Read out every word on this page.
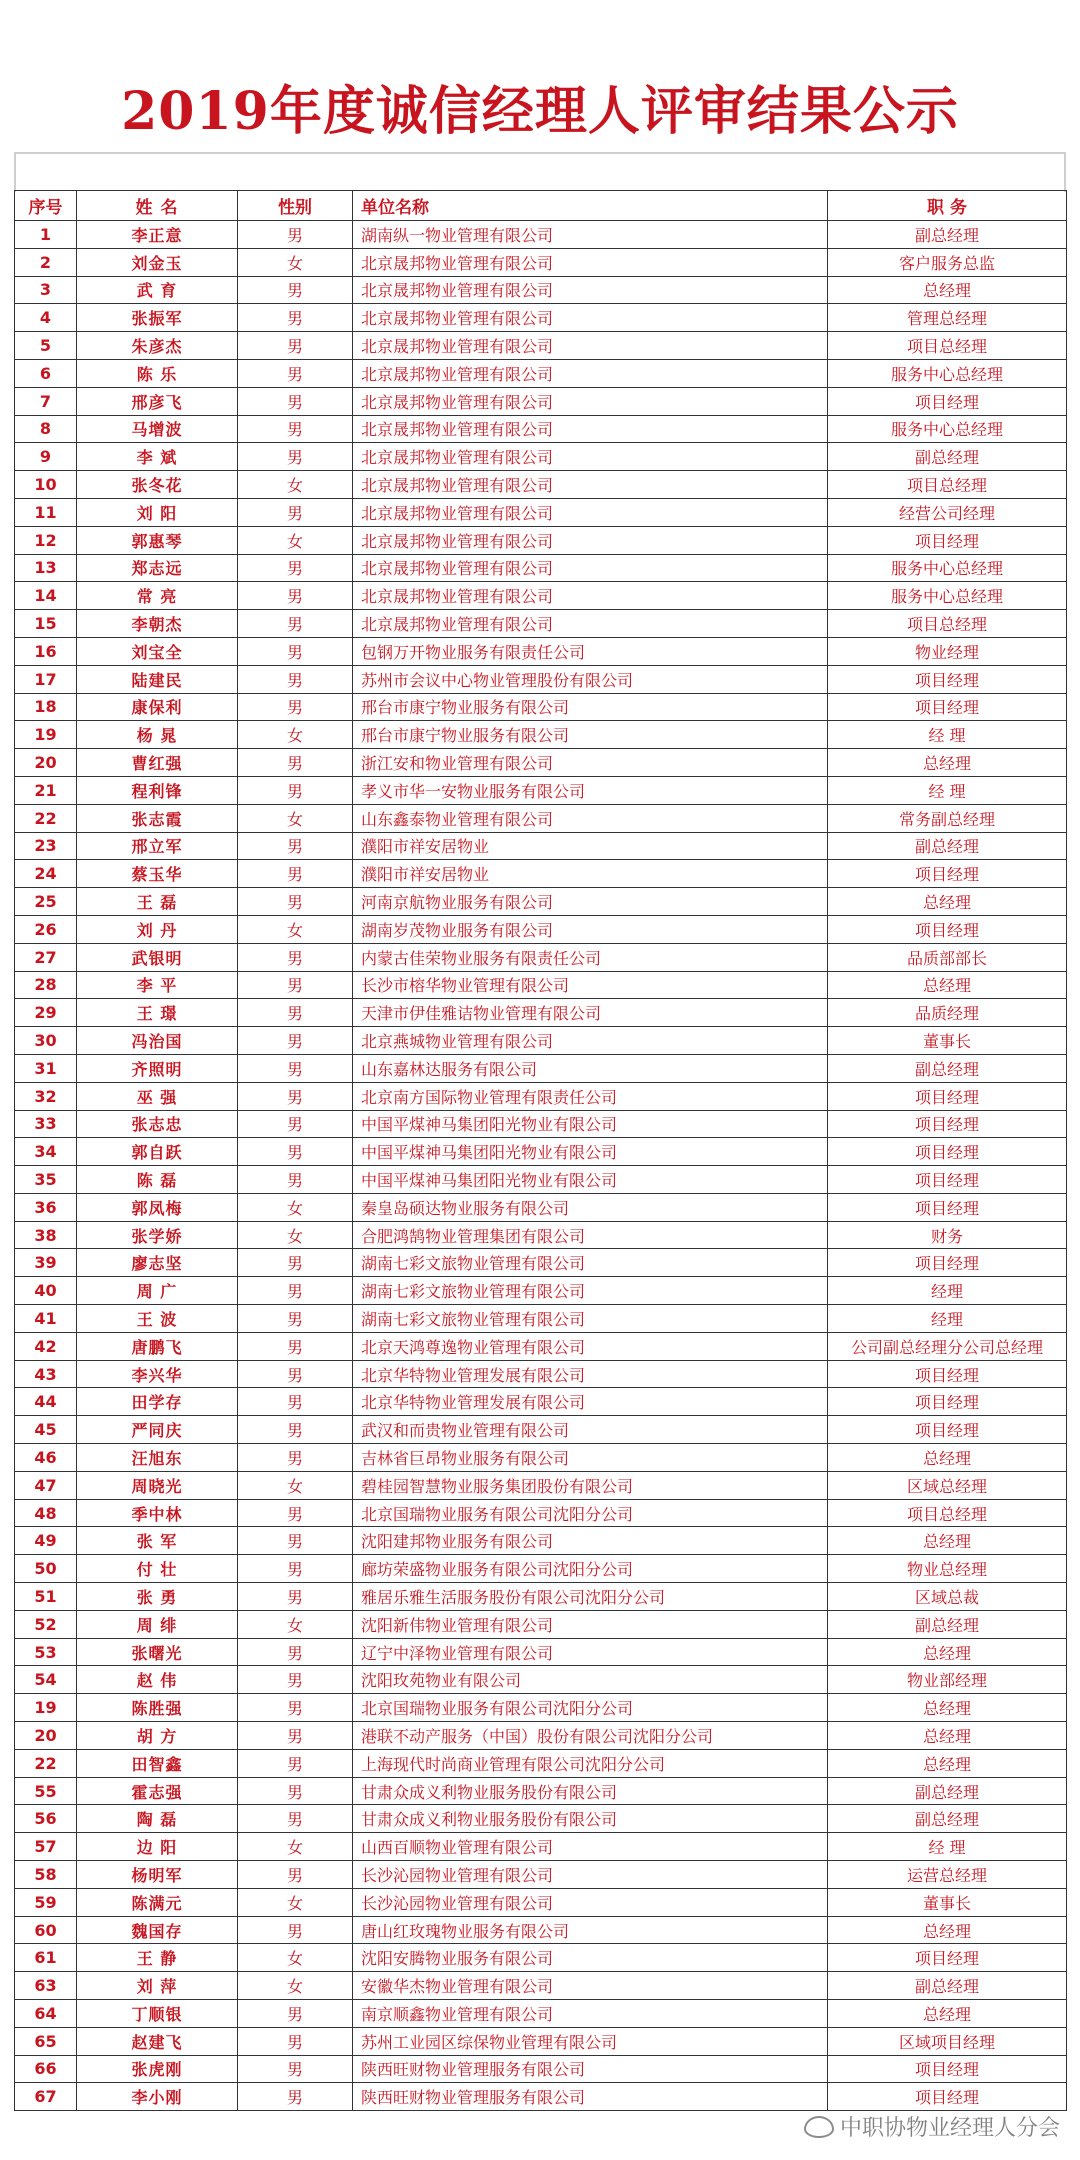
2019年度诚信经理人评审结果公示
序号	姓 名	性别	单位名称	职 务
1	李正意	男	湖南纵一物业管理有限公司	副总经理
2	刘金玉	女	北京晟邦物业管理有限公司	客户服务总监
3	武 育	男	北京晟邦物业管理有限公司	总经理
4	张振军	男	北京晟邦物业管理有限公司	管理总经理
5	朱彦杰	男	北京晟邦物业管理有限公司	项目总经理
6	陈 乐	男	北京晟邦物业管理有限公司	服务中心总经理
7	邢彦飞	男	北京晟邦物业管理有限公司	项目经理
8	马增波	男	北京晟邦物业管理有限公司	服务中心总经理
9	李 斌	男	北京晟邦物业管理有限公司	副总经理
10	张冬花	女	北京晟邦物业管理有限公司	项目总经理
11	刘 阳	男	北京晟邦物业管理有限公司	经营公司经理
12	郭惠琴	女	北京晟邦物业管理有限公司	项目经理
13	郑志远	男	北京晟邦物业管理有限公司	服务中心总经理
14	常 亮	男	北京晟邦物业管理有限公司	服务中心总经理
15	李朝杰	男	北京晟邦物业管理有限公司	项目总经理
16	刘宝全	男	包钢万开物业服务有限责任公司	物业经理
17	陆建民	男	苏州市会议中心物业管理股份有限公司	项目经理
18	康保利	男	邢台市康宁物业服务有限公司	项目经理
19	杨 晁	女	邢台市康宁物业服务有限公司	经 理
20	曹红强	男	浙江安和物业管理有限公司	总经理
21	程利锋	男	孝义市华一安物业服务有限公司	经 理
22	张志霞	女	山东鑫泰物业管理有限公司	常务副总经理
23	邢立军	男	濮阳市祥安居物业	副总经理
24	蔡玉华	男	濮阳市祥安居物业	项目经理
25	王 磊	男	河南京航物业服务有限公司	总经理
26	刘 丹	女	湖南岁茂物业服务有限公司	项目经理
27	武银明	男	内蒙古佳荣物业服务有限责任公司	品质部部长
28	李 平	男	长沙市榕华物业管理有限公司	总经理
29	王 璟	男	天津市伊佳雅诘物业管理有限公司	品质经理
30	冯治国	男	北京燕城物业管理有限公司	董事长
31	齐照明	男	山东嘉林达服务有限公司	副总经理
32	巫 强	男	北京南方国际物业管理有限责任公司	项目经理
33	张志忠	男	中国平煤神马集团阳光物业有限公司	项目经理
34	郭自跃	男	中国平煤神马集团阳光物业有限公司	项目经理
35	陈 磊	男	中国平煤神马集团阳光物业有限公司	项目经理
36	郭凤梅	女	秦皇岛硕达物业服务有限公司	项目经理
38	张学娇	女	合肥鸿鹄物业管理集团有限公司	财务
39	廖志坚	男	湖南七彩文旅物业管理有限公司	项目经理
40	周 广	男	湖南七彩文旅物业管理有限公司	经理
41	王 波	男	湖南七彩文旅物业管理有限公司	经理
42	唐鹏飞	男	北京天鸿尊逸物业管理有限公司	公司副总经理分公司总经理
43	李兴华	男	北京华特物业管理发展有限公司	项目经理
44	田学存	男	北京华特物业管理发展有限公司	项目经理
45	严同庆	男	武汉和而贵物业管理有限公司	项目经理
46	汪旭东	男	吉林省巨昂物业服务有限公司	总经理
47	周晓光	女	碧桂园智慧物业服务集团股份有限公司	区域总经理
48	季中林	男	北京国瑞物业服务有限公司沈阳分公司	项目总经理
49	张 军	男	沈阳建邦物业服务有限公司	总经理
50	付 壮	男	廊坊荣盛物业服务有限公司沈阳分公司	物业总经理
51	张 勇	男	雅居乐雅生活服务股份有限公司沈阳分公司	区域总裁
52	周 绯	女	沈阳新伟物业管理有限公司	副总经理
53	张曙光	男	辽宁中泽物业管理有限公司	总经理
54	赵 伟	男	沈阳玫苑物业有限公司	物业部经理
19	陈胜强	男	北京国瑞物业服务有限公司沈阳分公司	总经理
20	胡 方	男	港联不动产服务（中国）股份有限公司沈阳分公司	总经理
22	田智鑫	男	上海现代时尚商业管理有限公司沈阳分公司	总经理
55	霍志强	男	甘肃众成义利物业服务股份有限公司	副总经理
56	陶 磊	男	甘肃众成义利物业服务股份有限公司	副总经理
57	边 阳	女	山西百顺物业管理有限公司	经 理
58	杨明军	男	长沙沁园物业管理有限公司	运营总经理
59	陈满元	女	长沙沁园物业管理有限公司	董事长
60	魏国存	男	唐山红玫瑰物业服务有限公司	总经理
61	王 静	女	沈阳安腾物业服务有限公司	项目经理
63	刘 萍	女	安徽华杰物业管理有限公司	副总经理
64	丁顺银	男	南京顺鑫物业管理有限公司	总经理
65	赵建飞	男	苏州工业园区综保物业管理有限公司	区域项目经理
66	张虎刚	男	陕西旺财物业管理服务有限公司	项目经理
67	李小刚	男	陕西旺财物业管理服务有限公司	项目经理
中职协物业经理人分会
